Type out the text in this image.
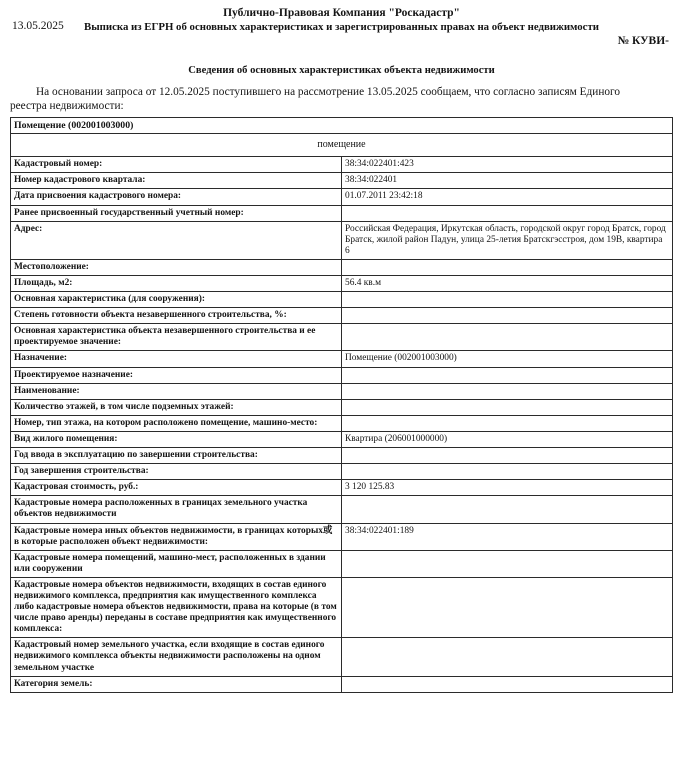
13.05.2025
Публично-Правовая Компания "Роскадастр"
Выписка из ЕГРН об основных характеристиках и зарегистрированных правах на объект недвижимости
№ КУВИ-
Сведения об основных характеристиках объекта недвижимости
На основании запроса от 12.05.2025 поступившего на рассмотрение 13.05.2025 сообщаем, что согласно записям Единого
реестра недвижимости:
Помещение (002001003000)	
помещение	
Кадастровый номер:	38:34:022401:423
Номер кадастрового квартала:	38:34:022401
Дата присвоения кадастрового номера:	01.07.2011 23:42:18
Ранее присвоенный государственный учетный номер:	
Адрес:	Российская Федерация, Иркутская область, городской округ город Братск, город Братск, жилой район Падун, улица 25-летия Братскгэсстроя, дом 19В, квартира 6
Местоположение:	
Площадь, м2:	56.4 кв.м
Основная характеристика (для сооружения):	
Степень готовности объекта незавершенного строительства, %:	
Основная характеристика объекта незавершенного строительства и ее проектируемое значение:	
Назначение:	Помещение (002001003000)
Проектируемое назначение:	
Наименование:	
Количество этажей, в том числе подземных этажей:	
Номер, тип этажа, на котором расположено помещение, машино-место:	
Вид жилого помещения:	Квартира (206001000000)
Год ввода в эксплуатацию по завершении строительства:	
Год завершения строительства:	
Кадастровая стоимость, руб.:	3 120 125.83
Кадастровые номера расположенных в границах земельного участка объектов недвижимости	
Кадастровые номера иных объектов недвижимости, в границах которых或 в которые расположен объект недвижимости:	38:34:022401:189
Кадастровые номера помещений, машино-мест, расположенных в здании или сооружении	
Кадастровые номера объектов недвижимости, входящих в состав единого недвижимого комплекса, предприятия как имущественного комплекса либо кадастровые номера объектов недвижимости, права на которые (в том числе право аренды) переданы в составе предприятия как имущественного комплекса:	
Кадастровый номер земельного участка, если входящие в состав единого недвижимого комплекса объекты недвижимости расположены на одном земельном участке	
Категория земель:	
